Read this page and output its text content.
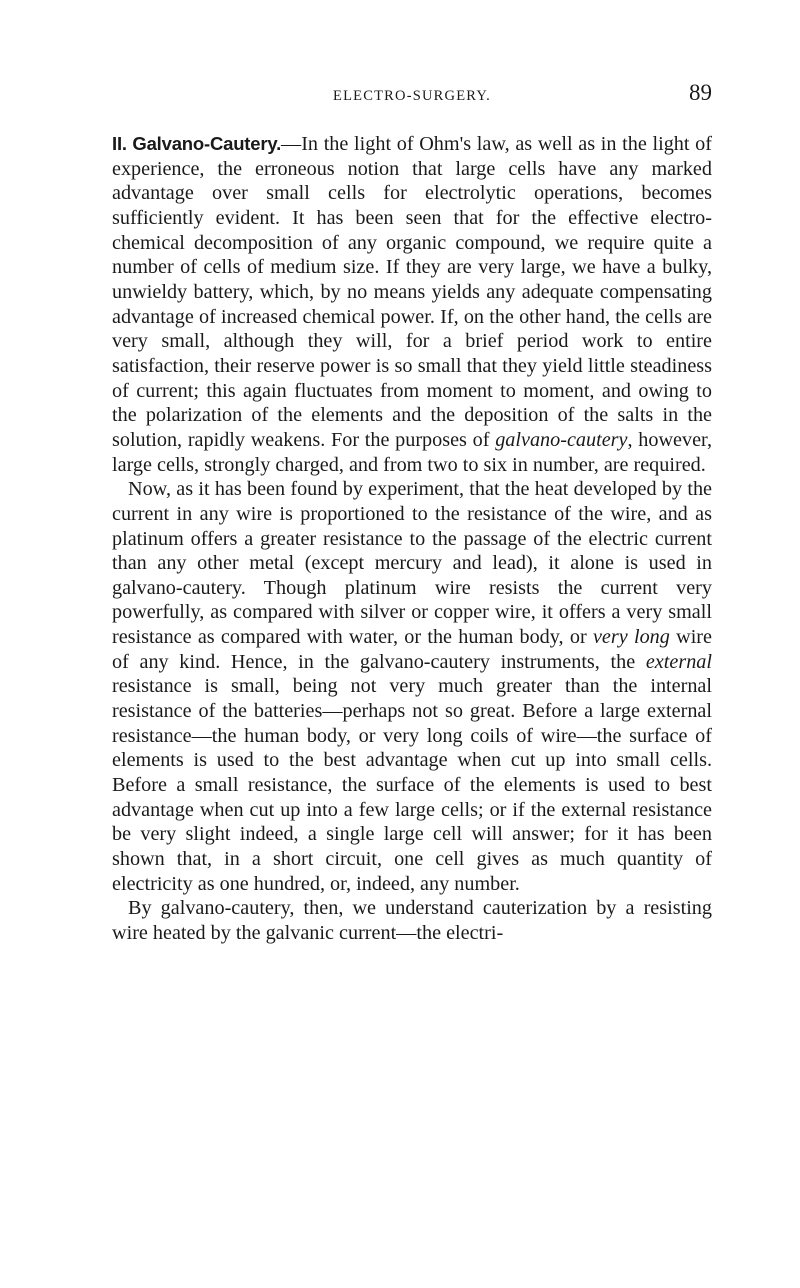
ELECTRO-SURGERY.	89

II. Galvano-Cautery.—In the light of Ohm's law, as well as in the light of experience, the erroneous notion that large cells have any marked advantage over small cells for electrolytic operations, becomes sufficiently evident. It has been seen that for the effective electro-chemical decomposition of any organic compound, we require quite a number of cells of medium size. If they are very large, we have a bulky, unwieldy battery, which, by no means yields any adequate compensating advantage of increased chemical power. If, on the other hand, the cells are very small, although they will, for a brief period work to entire satisfaction, their reserve power is so small that they yield little steadiness of current; this again fluctuates from moment to moment, and owing to the polarization of the elements and the deposition of the salts in the solution, rapidly weakens. For the purposes of galvano-cautery, however, large cells, strongly charged, and from two to six in number, are required.

Now, as it has been found by experiment, that the heat developed by the current in any wire is proportioned to the resistance of the wire, and as platinum offers a greater resistance to the passage of the electric current than any other metal (except mercury and lead), it alone is used in galvano-cautery. Though platinum wire resists the current very powerfully, as compared with silver or copper wire, it offers a very small resistance as compared with water, or the human body, or very long wire of any kind. Hence, in the galvano-cautery instruments, the external resistance is small, being not very much greater than the internal resistance of the batteries—perhaps not so great. Before a large external resistance—the human body, or very long coils of wire—the surface of elements is used to the best advantage when cut up into small cells. Before a small resistance, the surface of the elements is used to best advantage when cut up into a few large cells; or if the external resistance be very slight indeed, a single large cell will answer; for it has been shown that, in a short circuit, one cell gives as much quantity of electricity as one hundred, or, indeed, any number.

By galvano-cautery, then, we understand cauterization by a resisting wire heated by the galvanic current—the electri-
